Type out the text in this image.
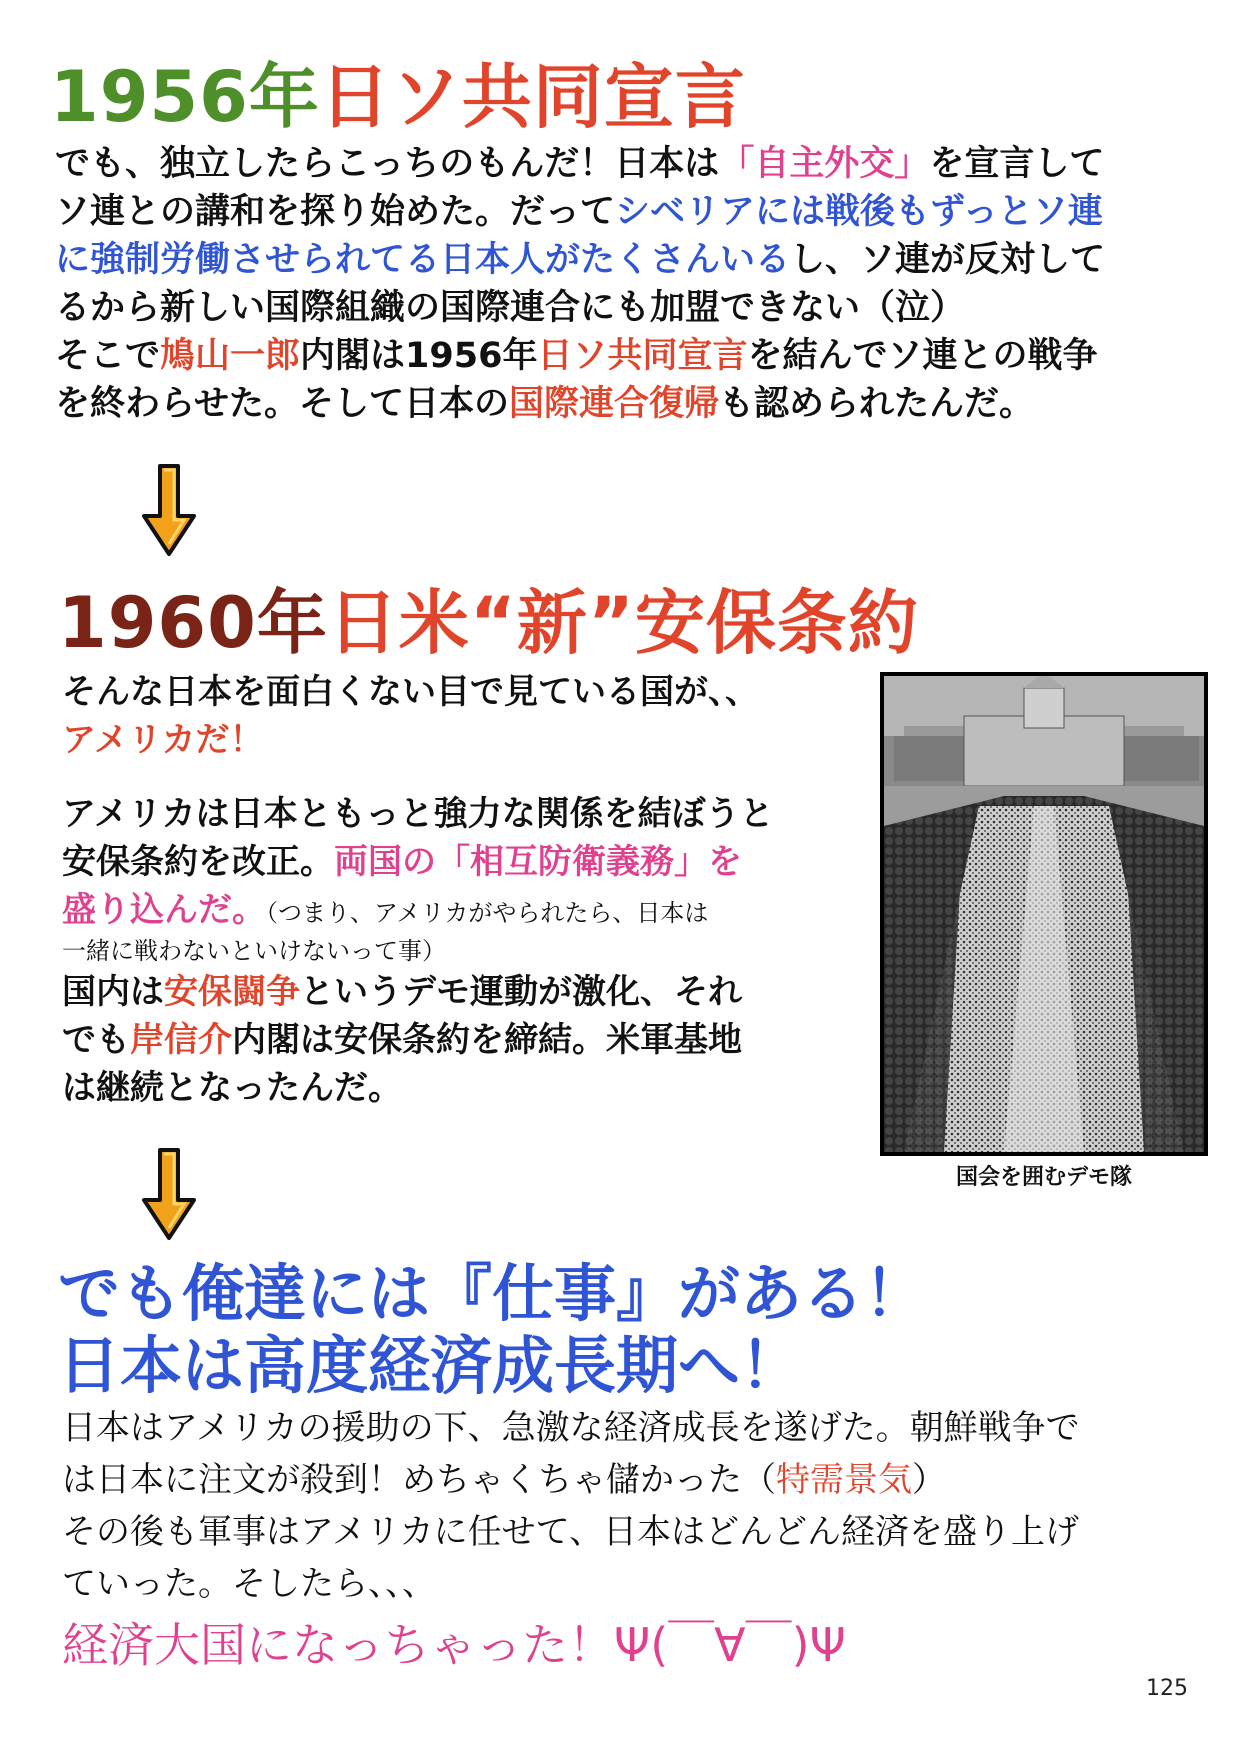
1956年日ソ共同宣言
でも、独立したらこっちのもんだ！日本は「自主外交」を宣言して
ソ連との講和を探り始めた。だってシベリアには戦後もずっとソ連
に強制労働させられてる日本人がたくさんいるし、ソ連が反対して
るから新しい国際組織の国際連合にも加盟できない（泣）
そこで鳩山一郎内閣は1956年日ソ共同宣言を結んでソ連との戦争
を終わらせた。そして日本の国際連合復帰も認められたんだ。
1960年日米“新”安保条約
そんな日本を面白くない目で見ている国が、、
アメリカだ！
アメリカは日本ともっと強力な関係を結ぼうと
安保条約を改正。両国の「相互防衛義務」を
盛り込んだ。（つまり、アメリカがやられたら、日本は
一緒に戦わないといけないって事）
国内は安保闘争というデモ運動が激化、それ
でも岸信介内閣は安保条約を締結。米軍基地
は継続となったんだ。
国会を囲むデモ隊
でも俺達には『仕事』がある！
日本は高度経済成長期へ！
日本はアメリカの援助の下、急激な経済成長を遂げた。朝鮮戦争で
は日本に注文が殺到！めちゃくちゃ儲かった（特需景気）
その後も軍事はアメリカに任せて、日本はどんどん経済を盛り上げ
ていった。そしたら、、、
経済大国になっちゃった！Ψ(￣∀￣)Ψ
125
